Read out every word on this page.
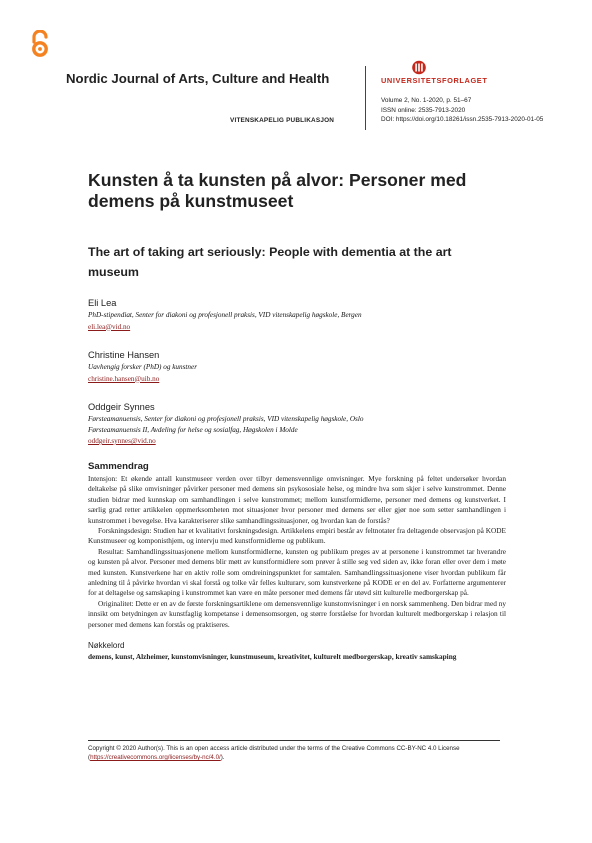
Nordic Journal of Arts, Culture and Health
VITENSKAPELIG PUBLIKASJON
UNIVERSITETSFORLAGET
Volume 2, No. 1-2020, p. 51–67
ISSN online: 2535-7913-2020
DOI: https://doi.org/10.18261/issn.2535-7913-2020-01-05
Kunsten å ta kunsten på alvor: Personer med demens på kunstmuseet
The art of taking art seriously: People with dementia at the art museum
Eli Lea
PhD-stipendiat, Senter for diakoni og profesjonell praksis, VID vitenskapelig høgskole, Bergen
eli.lea@vid.no
Christine Hansen
Uavhengig forsker (PhD) og kunstner
christine.hansen@uib.no
Oddgeir Synnes
Førsteamanuensis, Senter for diakoni og profesjonell praksis, VID vitenskapelig høgskole, Oslo
Førsteamanuensis II, Avdeling for helse og sosialfag, Høgskolen i Molde
oddgeir.synnes@vid.no
Sammendrag

Intensjon: Et økende antall kunstmuseer verden over tilbyr demensvennlige omvisninger. Mye forskning på feltet undersøker hvordan deltakelse på slike omvisninger påvirker personer med demens sin psykososiale helse, og mindre hva som skjer i selve kunstrommet. Denne studien bidrar med kunnskap om samhandlingen i selve kunstrommet; mellom kunstformidlerne, personer med demens og kunstverket. I særlig grad retter artikkelen oppmerksomheten mot situasjoner hvor personer med demens ser eller gjør noe som setter samhandlingen i kunstrommet i bevegelse. Hva karakteriserer slike samhandlingssituasjoner, og hvordan kan de forstås?

Forskningsdesign: Studien har et kvalitativt forskningsdesign. Artikkelens empiri består av feltnotater fra deltagende observasjon på KODE Kunstmuseer og komponisthjem, og intervju med kunstformidlerne og publikum.

Resultat: Samhandlingssituasjonene mellom kunstformidlerne, kunsten og publikum preges av at personene i kunstrommet tar hverandre og kunsten på alvor. Personer med demens blir møtt av kunstformidlere som prøver å stille seg ved siden av, ikke foran eller over dem i møte med kunsten. Kunstverkene har en aktiv rolle som omdreiningspunktet for samtalen. Samhandlingssituasjonene viser hvordan publikum får anledning til å påvirke hvordan vi skal forstå og tolke vår felles kulturarv, som kunstverkene på KODE er en del av. Forfatterne argumenterer for at deltagelse og samskaping i kunstrommet kan være en måte personer med demens får utøvd sitt kulturelle medborgerskap på.

Originalitet: Dette er en av de første forskningsartiklene om demensvennlige kunstomvisninger i en norsk sammenheng. Den bidrar med ny innsikt om betydningen av kunstfaglig kompetanse i demensomsorgen, og større forståelse for hvordan kulturelt medborgerskap i relasjon til personer med demens kan forstås og praktiseres.

Nøkkelord
demens, kunst, Alzheimer, kunstomvisninger, kunstmuseum, kreativitet, kulturelt medborgerskap, kreativ samskaping
Copyright © 2020 Author(s). This is an open access article distributed under the terms of the Creative Commons CC-BY-NC 4.0 License (https://creativecommons.org/licenses/by-nc/4.0/).
